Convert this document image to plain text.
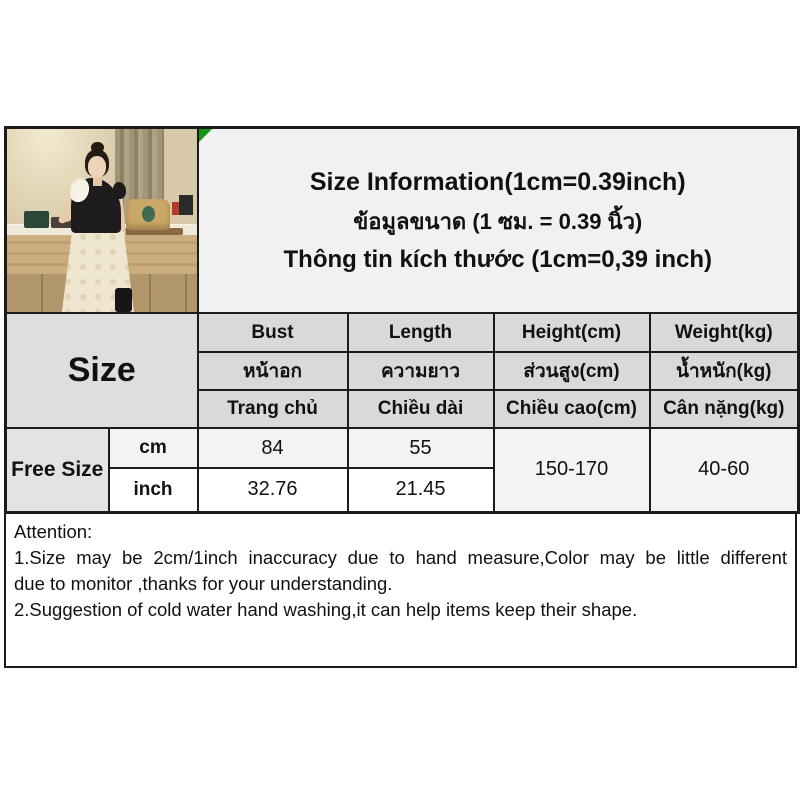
		Size Information(1cm=0.39inch)
ข้อมูลขนาด (1 ซม. = 0.39 นิ้ว)
Thông tin kích thước (1cm=0,39 inch)			

Size		Bust	Length	Height(cm)	Weight(kg)
		หน้าอก	ความยาว	ส่วนสูง(cm)	น้ำหนัก(kg)
		Trang chủ	Chiều dài	Chiều cao(cm)	Cân nặng(kg)
Free Size	cm	84	55	150-170	40-60
	inch	32.76	21.45		
Attention:
1.Size may be 2cm/1inch inaccuracy due to hand measure,Color may be little different
due to monitor ,thanks for your understanding.
2.Suggestion of cold water hand washing,it can help items keep their shape.
